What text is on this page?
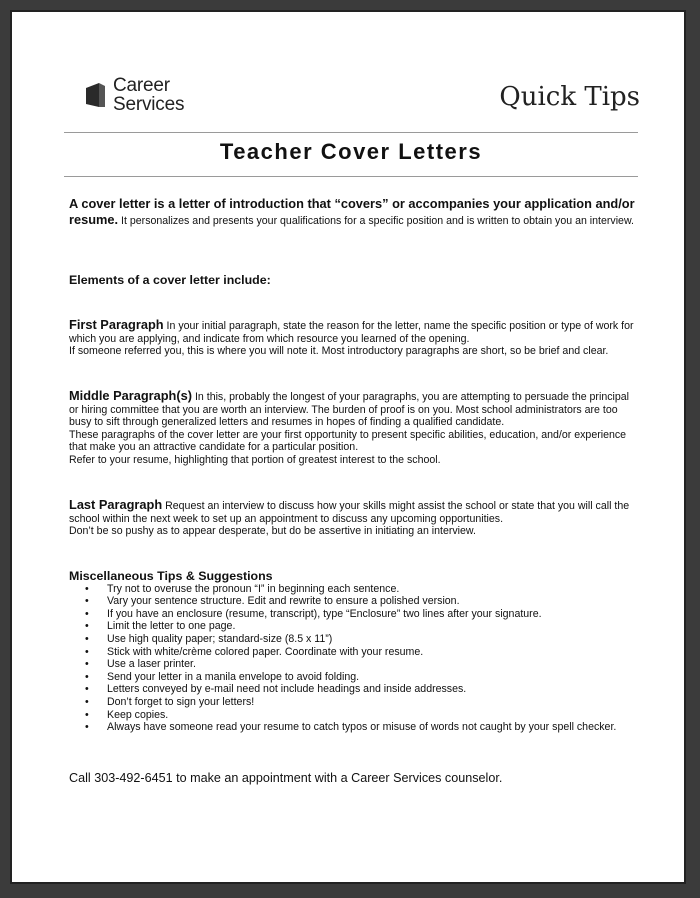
Career
Services	Quick Tips
Teacher Cover Letters
A cover letter is a letter of introduction that “covers” or accompanies your application and/or resume. It personalizes and presents your qualifications for a specific position and is written to obtain you an interview.
Elements of a cover letter include:
First Paragraph In your initial paragraph, state the reason for the letter, name the specific position or type of work for which you are applying, and indicate from which resource you learned of the opening.
If someone referred you, this is where you will note it. Most introductory paragraphs are short, so be brief and clear.
Middle Paragraph(s) In this, probably the longest of your paragraphs, you are attempting to persuade the principal or hiring committee that you are worth an interview. The burden of proof is on you. Most school administrators are too busy to sift through generalized letters and resumes in hopes of finding a qualified candidate.
These paragraphs of the cover letter are your first opportunity to present specific abilities, education, and/or experience that make you an attractive candidate for a particular position.
Refer to your resume, highlighting that portion of greatest interest to the school.
Last Paragraph Request an interview to discuss how your skills might assist the school or state that you will call the school within the next week to set up an appointment to discuss any upcoming opportunities.
Don’t be so pushy as to appear desperate, but do be assertive in initiating an interview.
Miscellaneous Tips & Suggestions
• Try not to overuse the pronoun “I” in beginning each sentence.
• Vary your sentence structure. Edit and rewrite to ensure a polished version.
• If you have an enclosure (resume, transcript), type “Enclosure” two lines after your signature.
• Limit the letter to one page.
• Use high quality paper; standard-size (8.5 x 11”)
• Stick with white/crème colored paper. Coordinate with your resume.
• Use a laser printer.
• Send your letter in a manila envelope to avoid folding.
• Letters conveyed by e-mail need not include headings and inside addresses.
• Don’t forget to sign your letters!
• Keep copies.
• Always have someone read your resume to catch typos or misuse of words not caught by your spell checker.
Call 303-492-6451 to make an appointment with a Career Services counselor.
